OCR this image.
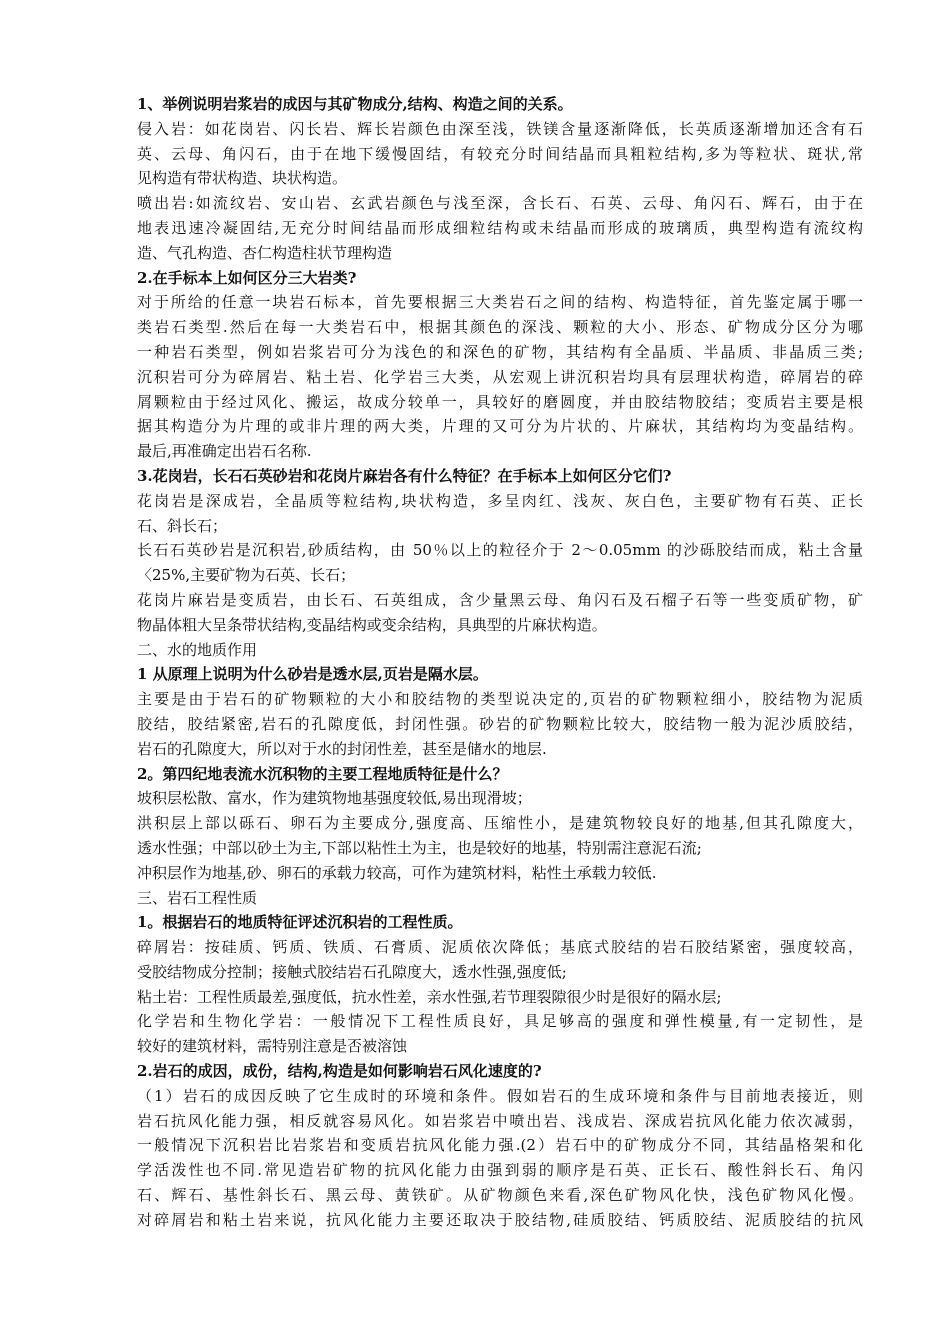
1、举例说明岩浆岩的成因与其矿物成分,结构、构造之间的关系。
侵入岩：如花岗岩、闪长岩、辉长岩颜色由深至浅，铁镁含量逐渐降低，长英质逐渐增加还含有石
英、云母、角闪石，由于在地下缓慢固结，有较充分时间结晶而具粗粒结构,多为等粒状、斑状,常
见构造有带状构造、块状构造。
喷出岩:如流纹岩、安山岩、玄武岩颜色与浅至深，含长石、石英、云母、角闪石、辉石，由于在
地表迅速冷凝固结,无充分时间结晶而形成细粒结构或未结晶而形成的玻璃质，典型构造有流纹构
造、气孔构造、杏仁构造柱状节理构造
2.在手标本上如何区分三大岩类?
对于所给的任意一块岩石标本，首先要根据三大类岩石之间的结构、构造特征，首先鉴定属于哪一
类岩石类型.然后在每一大类岩石中，根据其颜色的深浅、颗粒的大小、形态、矿物成分区分为哪
一种岩石类型，例如岩浆岩可分为浅色的和深色的矿物，其结构有全晶质、半晶质、非晶质三类;
沉积岩可分为碎屑岩、粘土岩、化学岩三大类，从宏观上讲沉积岩均具有层理状构造，碎屑岩的碎
屑颗粒由于经过风化、搬运，故成分较单一，具较好的磨圆度，并由胶结物胶结；变质岩主要是根
据其构造分为片理的或非片理的两大类，片理的又可分为片状的、片麻状，其结构均为变晶结构。
最后,再准确定出岩石名称.
3.花岗岩，长石石英砂岩和花岗片麻岩各有什么特征？在手标本上如何区分它们?
花岗岩是深成岩，全晶质等粒结构,块状构造，多呈肉红、浅灰、灰白色，主要矿物有石英、正长
石、斜长石；
长石石英砂岩是沉积岩,砂质结构，由 50％以上的粒径介于 2～0.05mm 的沙砾胶结而成，粘土含量
〈25%,主要矿物为石英、长石；
花岗片麻岩是变质岩，由长石、石英组成，含少量黑云母、角闪石及石榴子石等一些变质矿物，矿
物晶体粗大呈条带状结构,变晶结构或变余结构，具典型的片麻状构造。
二、水的地质作用
1 从原理上说明为什么砂岩是透水层,页岩是隔水层。
主要是由于岩石的矿物颗粒的大小和胶结物的类型说决定的,页岩的矿物颗粒细小，胶结物为泥质
胶结，胶结紧密,岩石的孔隙度低，封闭性强。砂岩的矿物颗粒比较大，胶结物一般为泥沙质胶结，
岩石的孔隙度大，所以对于水的封闭性差，甚至是储水的地层.
2。第四纪地表流水沉积物的主要工程地质特征是什么？
坡积层松散、富水，作为建筑物地基强度较低,易出现滑坡；
洪积层上部以砾石、卵石为主要成分,强度高、压缩性小，是建筑物较良好的地基,但其孔隙度大，
透水性强；中部以砂土为主,下部以粘性土为主，也是较好的地基，特别需注意泥石流;
冲积层作为地基,砂、卵石的承载力较高，可作为建筑材料，粘性土承载力较低.
三、岩石工程性质
1。根据岩石的地质特征评述沉积岩的工程性质。
碎屑岩：按硅质、钙质、铁质、石膏质、泥质依次降低；基底式胶结的岩石胶结紧密，强度较高，
受胶结物成分控制；接触式胶结岩石孔隙度大，透水性强,强度低;
粘土岩：工程性质最差,强度低，抗水性差，亲水性强,若节理裂隙很少时是很好的隔水层;
化学岩和生物化学岩：一般情况下工程性质良好，具足够高的强度和弹性模量,有一定韧性，是
较好的建筑材料，需特别注意是否被溶蚀
2.岩石的成因，成份，结构,构造是如何影响岩石风化速度的?
（1）岩石的成因反映了它生成时的环境和条件。假如岩石的生成环境和条件与目前地表接近，则
岩石抗风化能力强，相反就容易风化。如岩浆岩中喷出岩、浅成岩、深成岩抗风化能力依次减弱，
一般情况下沉积岩比岩浆岩和变质岩抗风化能力强.(2）岩石中的矿物成分不同，其结晶格架和化
学活泼性也不同.常见造岩矿物的抗风化能力由强到弱的顺序是石英、正长石、酸性斜长石、角闪
石、辉石、基性斜长石、黑云母、黄铁矿。从矿物颜色来看,深色矿物风化快，浅色矿物风化慢。
对碎屑岩和粘土岩来说，抗风化能力主要还取决于胶结物,硅质胶结、钙质胶结、泥质胶结的抗风
